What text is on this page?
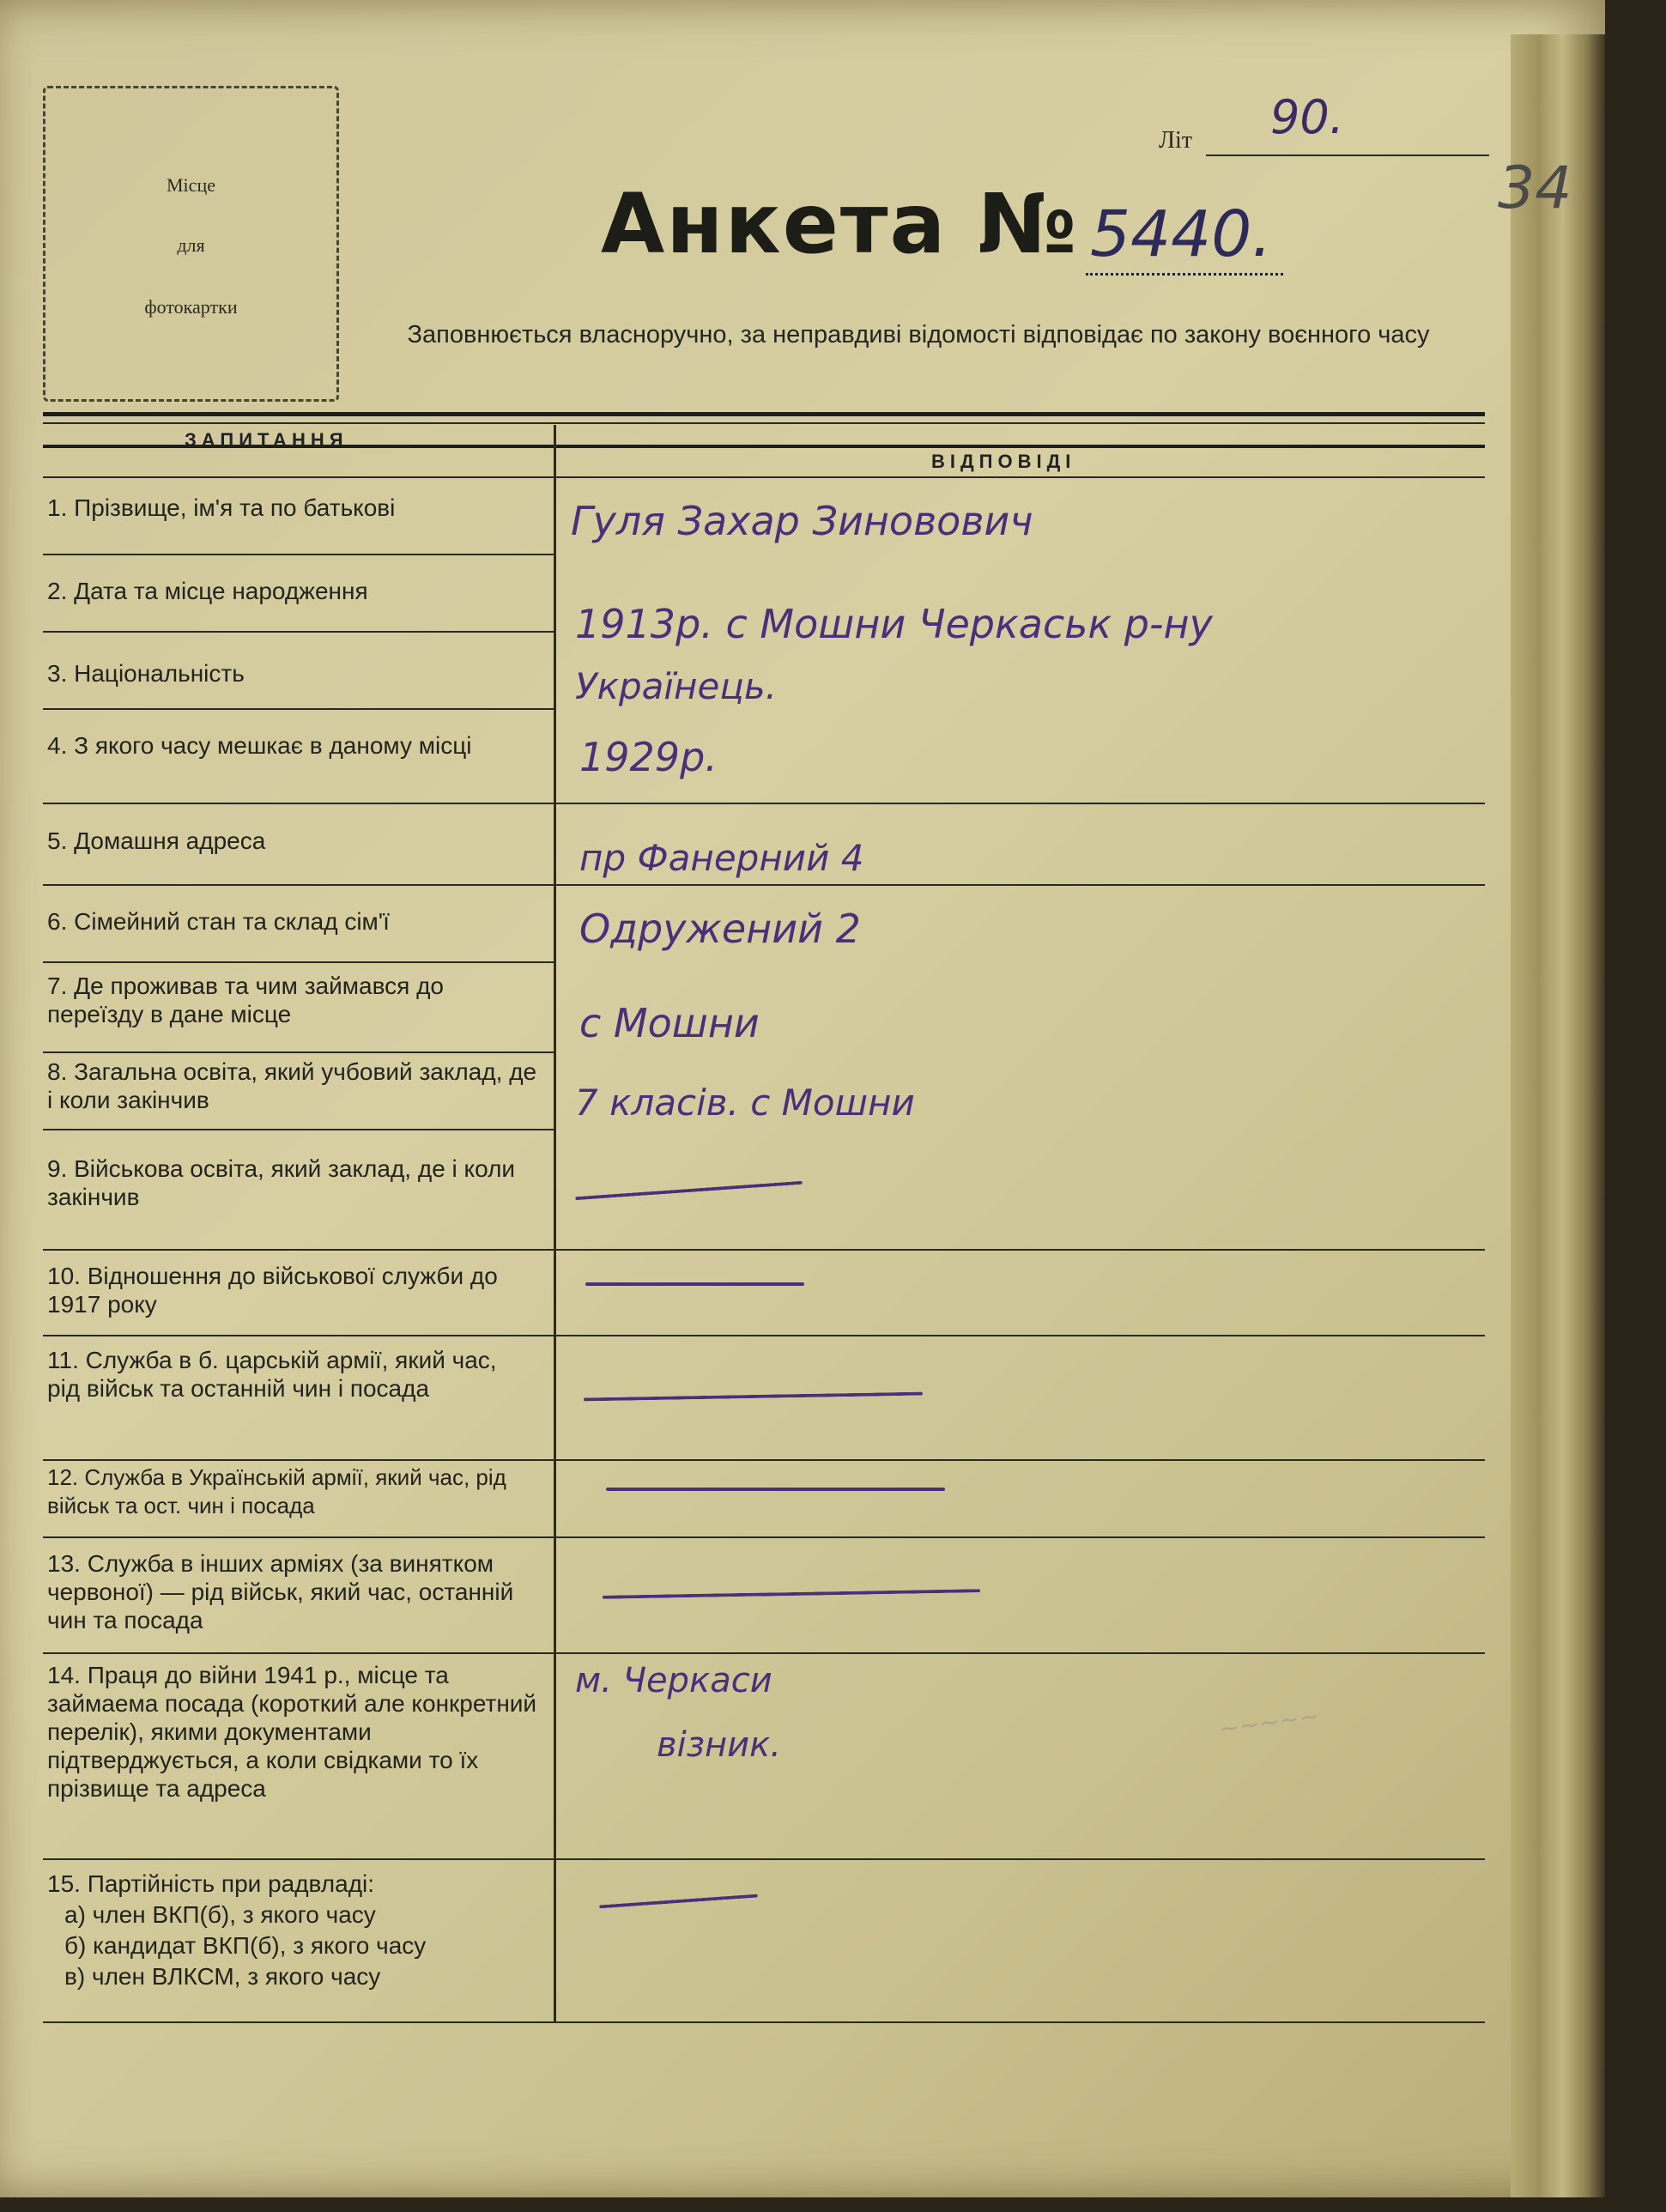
Місце
для
фотокартки
Літ 90.
34
Анкета № 5440.
Заповнюється власноручно, за неправдиві відомості відповідає по закону воєнного часу
ЗАПИТАННЯ
ВІДПОВІДІ
1. Прізвище, ім'я та по батькові
2. Дата та місце народження
3. Національність
4. З якого часу мешкає в даному місці
5. Домашня адреса
6. Сімейний стан та склад сім'ї
7. Де проживав та чим займався до переїзду в дане місце
8. Загальна освіта, який учбовий заклад, де і коли закінчив
9. Військова освіта, який заклад, де і коли закінчив
10. Відношення до військової служби до 1917 року
11. Служба в б. царській армії, який час, рід військ та останній чин і посада
12. Служба в Українській армії, який час, рід військ та ост. чин і посада
13. Служба в інших арміях (за винятком червоної) — рід військ, який час, останній чин та посада
14. Праця до війни 1941 р., місце та займаема посада (короткий але конкретний перелік), якими документами підтверджується, а коли свідками то їх прізвище та адреса
15. Партійність при радвладі:
а) член ВКП(б), з якого часу
б) кандидат ВКП(б), з якого часу
в) член ВЛКСМ, з якого часу
Гуля Захар Зиновович
1913р. с Мошни Черкаськ р-ну
Українець.
1929р.
пр Фанерний 4
Одружений 2
с Мошни
7 класів. с Мошни
м. Черкаси
візник.
~~~~~
